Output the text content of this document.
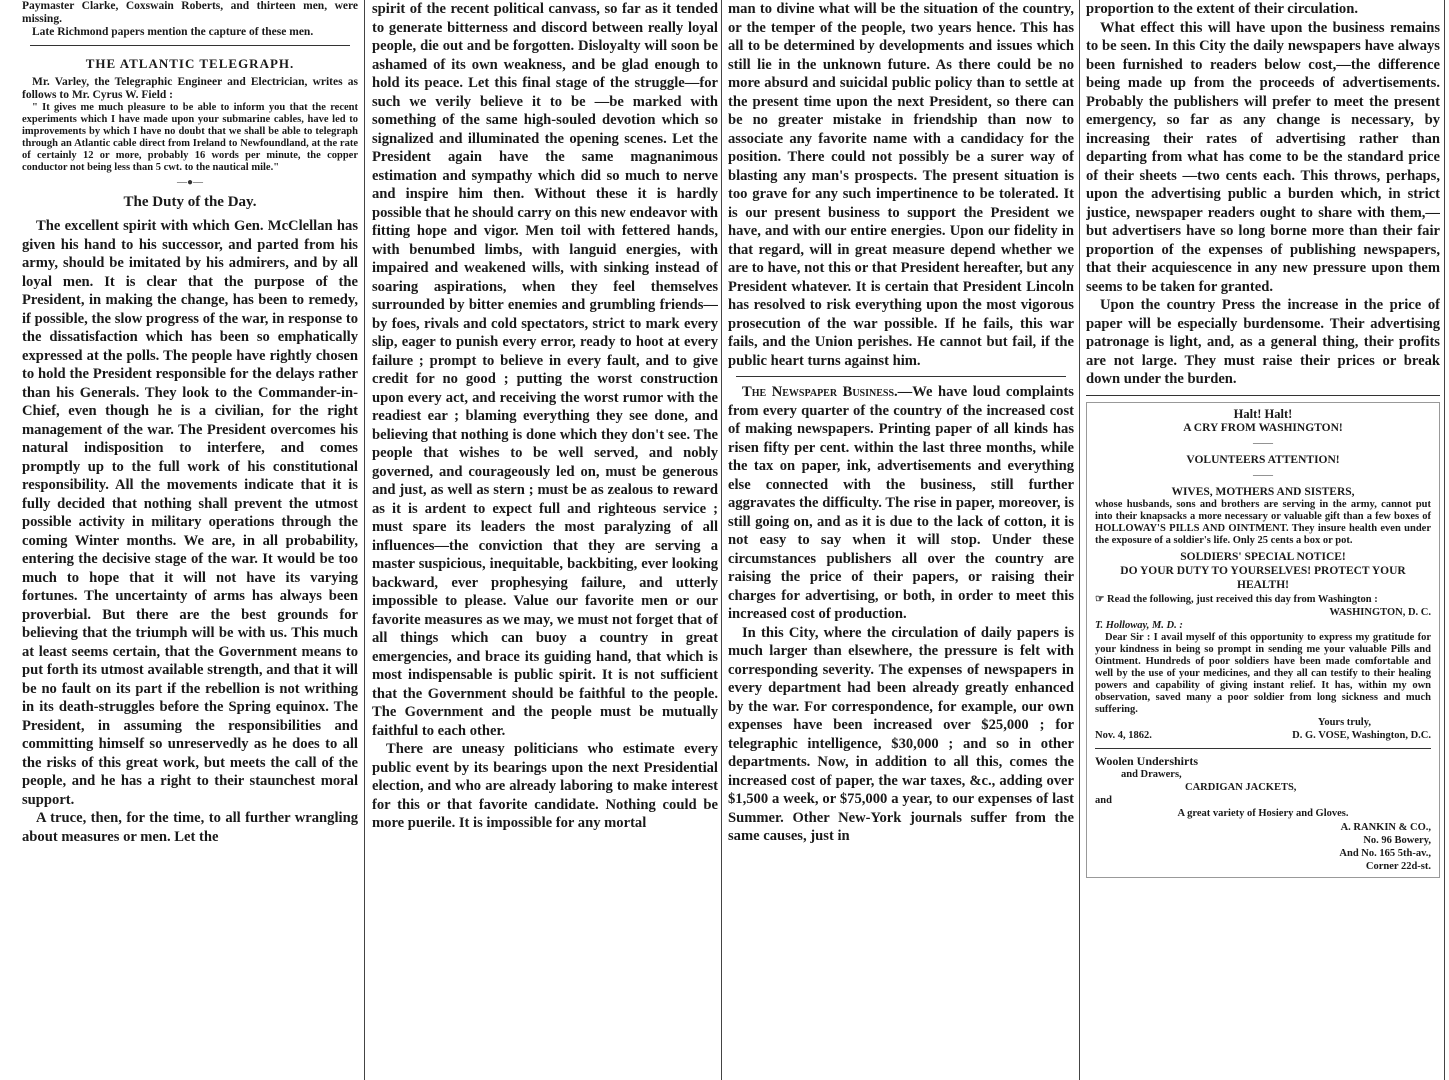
Paymaster Clarke, Coxswain Roberts, and thirteen men, were missing.

Late Richmond papers mention the capture of these men.

THE ATLANTIC TELEGRAPH.

Mr. Varley, the Telegraphic Engineer and Electrician, writes as follows to Mr. Cyrus W. Field :

" It gives me much pleasure to be able to inform you that the recent experiments which I have made upon your submarine cables, have led to improvements by which I have no doubt that we shall be able to telegraph through an Atlantic cable direct from Ireland to Newfoundland, at the rate of certainly 12 or more, probably 16 words per minute, the copper conductor not being less than 5 cwt. to the nautical mile."

—●—
The Duty of the Day.

The excellent spirit with which Gen. McClellan has given his hand to his successor, and parted from his army, should be imitated by his admirers, and by all loyal men. It is clear that the purpose of the President, in making the change, has been to remedy, if possible, the slow progress of the war, in response to the dissatisfaction which has been so emphatically expressed at the polls. The people have rightly chosen to hold the President responsible for the delays rather than his Generals. They look to the Commander-in-Chief, even though he is a civilian, for the right management of the war. The President overcomes his natural indisposition to interfere, and comes promptly up to the full work of his constitutional responsibility. All the movements indicate that it is fully decided that nothing shall prevent the utmost possible activity in military operations through the coming Winter months. We are, in all probability, entering the decisive stage of the war. It would be too much to hope that it will not have its varying fortunes. The uncertainty of arms has always been proverbial. But there are the best grounds for believing that the triumph will be with us. This much at least seems certain, that the Government means to put forth its utmost available strength, and that it will be no fault on its part if the rebellion is not writhing in its death-struggles before the Spring equinox. The President, in assuming the responsibilities and committing himself so unreservedly as he does to all the risks of this great work, but meets the call of the people, and he has a right to their staunchest moral support.

A truce, then, for the time, to all further wrangling about measures or men. Let the

spirit of the recent political canvass, so far as it tended to generate bitterness and discord between really loyal people, die out and be forgotten. Disloyalty will soon be ashamed of its own weakness, and be glad enough to hold its peace. Let this final stage of the struggle—for such we verily believe it to be —be marked with something of the same high-souled devotion which so signalized and illuminated the opening scenes. Let the President again have the same magnanimous estimation and sympathy which did so much to nerve and inspire him then. Without these it is hardly possible that he should carry on this new endeavor with fitting hope and vigor. Men toil with fettered hands, with benumbed limbs, with languid energies, with impaired and weakened wills, with sinking instead of soaring aspirations, when they feel themselves surrounded by bitter enemies and grumbling friends—by foes, rivals and cold spectators, strict to mark every slip, eager to punish every error, ready to hoot at every failure ; prompt to believe in every fault, and to give credit for no good ; putting the worst construction upon every act, and receiving the worst rumor with the readiest ear ; blaming everything they see done, and believing that nothing is done which they don't see. The people that wishes to be well served, and nobly governed, and courageously led on, must be generous and just, as well as stern ; must be as zealous to reward as it is ardent to expect full and righteous service ; must spare its leaders the most paralyzing of all influences—the conviction that they are serving a master suspicious, inequitable, backbiting, ever looking backward, ever prophesying failure, and utterly impossible to please. Value our favorite men or our favorite measures as we may, we must not forget that of all things which can buoy a country in great emergencies, and brace its guiding hand, that which is most indispensable is public spirit. It is not sufficient that the Government should be faithful to the people. The Government and the people must be mutually faithful to each other.

There are uneasy politicians who estimate every public event by its bearings upon the next Presidential election, and who are already laboring to make interest for this or that favorite candidate. Nothing could be more puerile. It is impossible for any mortal

man to divine what will be the situation of the country, or the temper of the people, two years hence. This has all to be determined by developments and issues which still lie in the unknown future. As there could be no more absurd and suicidal public policy than to settle at the present time upon the next President, so there can be no greater mistake in friendship than now to associate any favorite name with a candidacy for the position. There could not possibly be a surer way of blasting any man's prospects. The present situation is too grave for any such impertinence to be tolerated. It is our present business to support the President we have, and with our entire energies. Upon our fidelity in that regard, will in great measure depend whether we are to have, not this or that President hereafter, but any President whatever. It is certain that President Lincoln has resolved to risk everything upon the most vigorous prosecution of the war possible. If he fails, this war fails, and the Union perishes. He cannot but fail, if the public heart turns against him.

The Newspaper Business.—We have loud complaints from every quarter of the country of the increased cost of making newspapers. Printing paper of all kinds has risen fifty per cent. within the last three months, while the tax on paper, ink, advertisements and everything else connected with the business, still further aggravates the difficulty. The rise in paper, moreover, is still going on, and as it is due to the lack of cotton, it is not easy to say when it will stop. Under these circumstances publishers all over the country are raising the price of their papers, or raising their charges for advertising, or both, in order to meet this increased cost of production.

In this City, where the circulation of daily papers is much larger than elsewhere, the pressure is felt with corresponding severity. The expenses of newspapers in every department had been already greatly enhanced by the war. For correspondence, for example, our own expenses have been increased over $25,000 ; for telegraphic intelligence, $30,000 ; and so in other departments. Now, in addition to all this, comes the increased cost of paper, the war taxes, &c., adding over $1,500 a week, or $75,000 a year, to our expenses of last Summer. Other New-York journals suffer from the same causes, just in

proportion to the extent of their circulation.

What effect this will have upon the business remains to be seen. In this City the daily newspapers have always been furnished to readers below cost,—the difference being made up from the proceeds of advertisements. Probably the publishers will prefer to meet the present emergency, so far as any change is necessary, by increasing their rates of advertising rather than departing from what has come to be the standard price of their sheets —two cents each. This throws, perhaps, upon the advertising public a burden which, in strict justice, newspaper readers ought to share with them,—but advertisers have so long borne more than their fair proportion of the expenses of publishing newspapers, that their acquiescence in any new pressure upon them seems to be taken for granted.

Upon the country Press the increase in the price of paper will be especially burdensome. Their advertising patronage is light, and, as a general thing, their profits are not large. They must raise their prices or break down under the burden.

Halt! Halt!
A CRY FROM WASHINGTON!
——
VOLUNTEERS ATTENTION!
——
WIVES, MOTHERS AND SISTERS,

whose husbands, sons and brothers are serving in the army, cannot put into their knapsacks a more necessary or valuable gift than a few boxes of HOLLOWAY'S PILLS AND OINTMENT. They insure health even under the exposure of a soldier's life. Only 25 cents a box or pot.

SOLDIERS' SPECIAL NOTICE!
DO YOUR DUTY TO YOURSELVES! PROTECT YOUR HEALTH!

☞ Read the following, just received this day from Washington :

WASHINGTON, D. C.
T. Holloway, M. D. :

Dear Sir : I avail myself of this opportunity to express my gratitude for your kindness in being so prompt in sending me your valuable Pills and Ointment. Hundreds of poor soldiers have been made comfortable and well by the use of your medicines, and they all can testify to their healing powers and capability of giving instant relief. It has, within my own observation, saved many a poor soldier from long sickness and much suffering.

Yours truly,
Nov. 4, 1862.	D. G. VOSE, Washington, D.C.
Woolen Undershirts
and Drawers,
CARDIGAN JACKETS,
and
A great variety of Hosiery and Gloves.
A. RANKIN & CO.,
No. 96 Bowery,
And No. 165 5th-av.,
Corner 22d-st.
